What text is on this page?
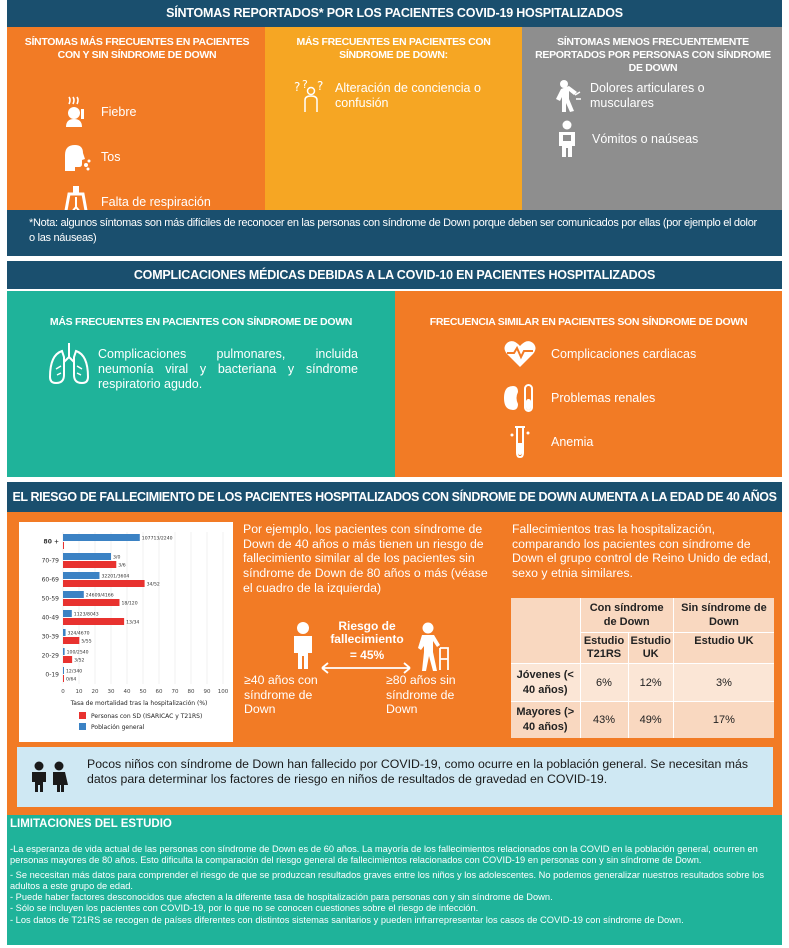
SÍNTOMAS REPORTADOS* POR LOS PACIENTES COVID-19 HOSPITALIZADOS
SÍNTOMAS MÁS FRECUENTES EN PACIENTES CON Y SIN SÍNDROME DE DOWN
Fiebre
Tos
Falta de respiración
MÁS FRECUENTES EN PACIENTES CON SÍNDROME DE DOWN:
? ? ? Alteración de conciencia o confusión
SÍNTOMAS MENOS FRECUENTEMENTE REPORTADOS POR PERSONAS CON SÍNDROME DE DOWN
Dolores articulares o musculares
Vómitos o naúseas
*Nota: algunos síntomas son más difíciles de reconocer en las personas con síndrome de Down porque deben ser comunicados por ellas (por ejemplo el dolor o las náuseas)
COMPLICACIONES MÉDICAS DEBIDAS A LA COVID-10 EN PACIENTES HOSPITALIZADOS
MÁS FRECUENTES EN PACIENTES CON SÍNDROME DE DOWN
Complicaciones pulmonares, incluida neumonía viral y bacteriana y síndrome respiratorio agudo.
FRECUENCIA SIMILAR EN PACIENTES SON SÍNDROME DE DOWN
Complicaciones cardiacas
Problemas renales
Anemia
EL RIESGO DE FALLECIMIENTO DE LOS PACIENTES HOSPITALIZADOS CON SÍNDROME DE DOWN AUMENTA A LA EDAD DE 40 AÑOS
0 10 20 30 40 50 60 70 80 90 100
80 +	107713/2240
70-79
3/6
3/0
60-69
34/52
32201/3604
50-59
18/120
24609/4166
40-49
13/34
1123/8043
30-39
5/55
324/4670
20-29
3/52
100/2540
0-19
0/64
12/340
Tasa de mortalidad tras la hospitalización (%)
Personas con SD (ISARICAC y T21RS)
Población general
Por ejemplo, los pacientes con síndrome de Down de 40 años o más tienen un riesgo de fallecimiento similar al de los pacientes sin síndrome de Down de 80 años o más (véase el cuadro de la izquierda)
Riesgo de fallecimiento
= 45%
≥40 años con síndrome de Down
≥80 años sin síndrome de Down
Fallecimientos tras la hospitalización, comparando los pacientes con síndrome de Down el grupo control de Reino Unido de edad, sexo y etnia similares.
	Con síndrome de Down		Sin síndrome de Down
	Estudio T21RS	Estudio UK	Estudio UK
Jóvenes (< 40 años)	6%	12%	3%
Mayores (> 40 años)	43%	49%	17%
Pocos niños con síndrome de Down han fallecido por COVID-19, como ocurre en la población general. Se necesitan más datos para determinar los factores de riesgo en niños de resultados de gravedad en COVID-19.
LIMITACIONES DEL ESTUDIO

-La esperanza de vida actual de las personas con síndrome de Down es de 60 años. La mayoría de los fallecimientos relacionados con la COVID en la población general, ocurren en personas mayores de 80 años. Esto dificulta la comparación del riesgo general de fallecimientos relacionados con COVID-19 en personas con y sin síndrome de Down.

- Se necesitan más datos para comprender el riesgo de que se produzcan resultados graves entre los niños y los adolescentes. No podemos generalizar nuestros resultados sobre los adultos a este grupo de edad.

- Puede haber factores desconocidos que afecten a la diferente tasa de hospitalización para personas con y sin síndrome de Down.

- Sólo se incluyen los pacientes con COVID-19, por lo que no se conocen cuestiones sobre el riesgo de infección.

- Los datos de T21RS se recogen de países diferentes con distintos sistemas sanitarios y pueden infrarrepresentar los casos de COVID-19 con síndrome de Down.
